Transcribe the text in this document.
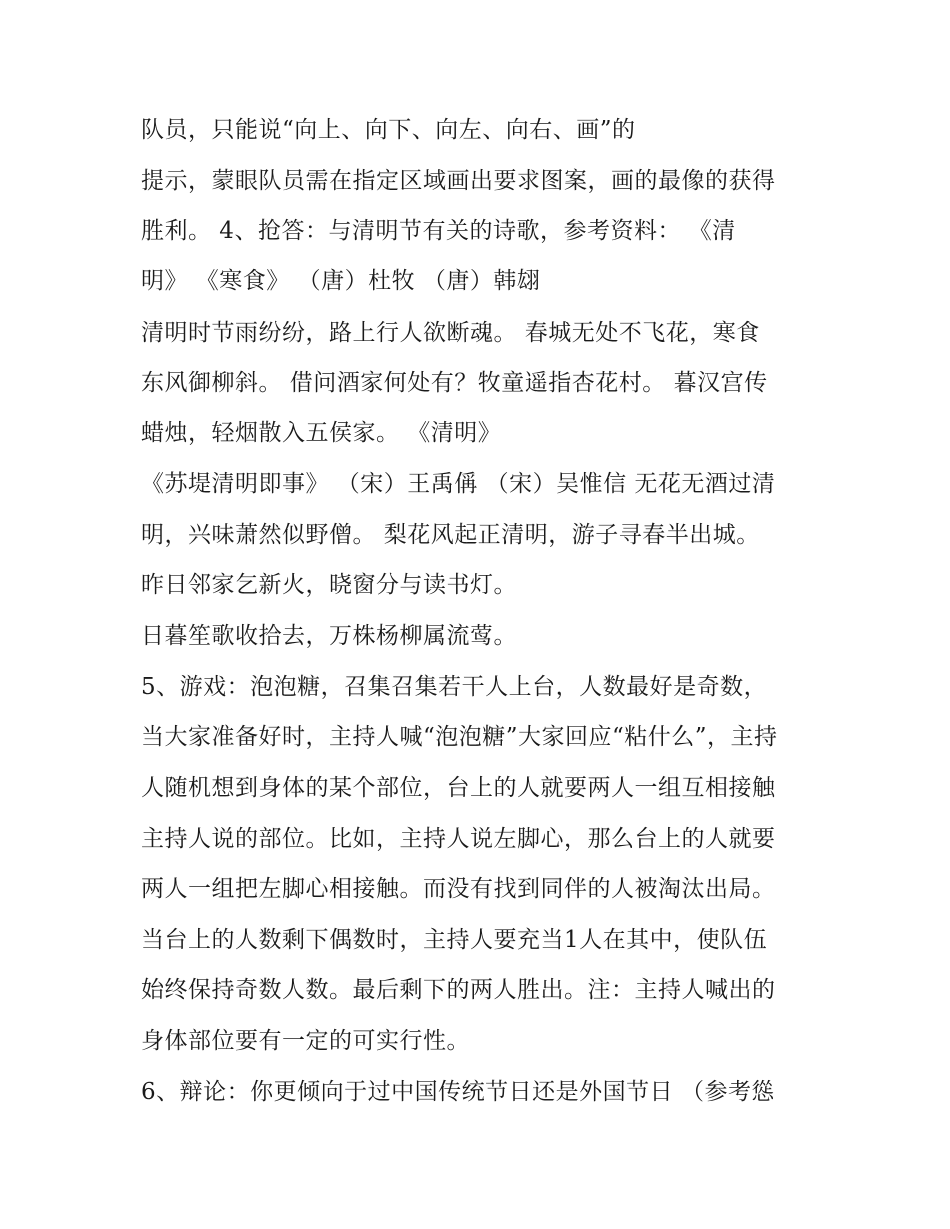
队员，只能说“向上、向下、向左、向右、画”的
提示，蒙眼队员需在指定区域画出要求图案，画的最像的获得
胜利。 4、抢答：与清明节有关的诗歌，参考资料： 《清
明》 《寒食》 （唐）杜牧 （唐）韩翃
清明时节雨纷纷，路上行人欲断魂。 春城无处不飞花，寒食
东风御柳斜。 借问酒家何处有？牧童遥指杏花村。 暮汉宫传
蜡烛，轻烟散入五侯家。 《清明》
《苏堤清明即事》 （宋）王禹偁 （宋）吴惟信 无花无酒过清
明，兴味萧然似野僧。 梨花风起正清明，游子寻春半出城。
昨日邻家乞新火，晓窗分与读书灯。
日暮笙歌收拾去，万株杨柳属流莺。
5、游戏：泡泡糖，召集召集若干人上台，人数最好是奇数，
当大家准备好时，主持人喊“泡泡糖”大家回应“粘什么”，主持
人随机想到身体的某个部位，台上的人就要两人一组互相接触
主持人说的部位。比如，主持人说左脚心，那么台上的人就要
两人一组把左脚心相接触。而没有找到同伴的人被淘汰出局。
当台上的人数剩下偶数时，主持人要充当1人在其中，使队伍
始终保持奇数人数。最后剩下的两人胜出。注：主持人喊出的
身体部位要有一定的可实行性。
6、辩论：你更倾向于过中国传统节日还是外国节日 （参考慫
